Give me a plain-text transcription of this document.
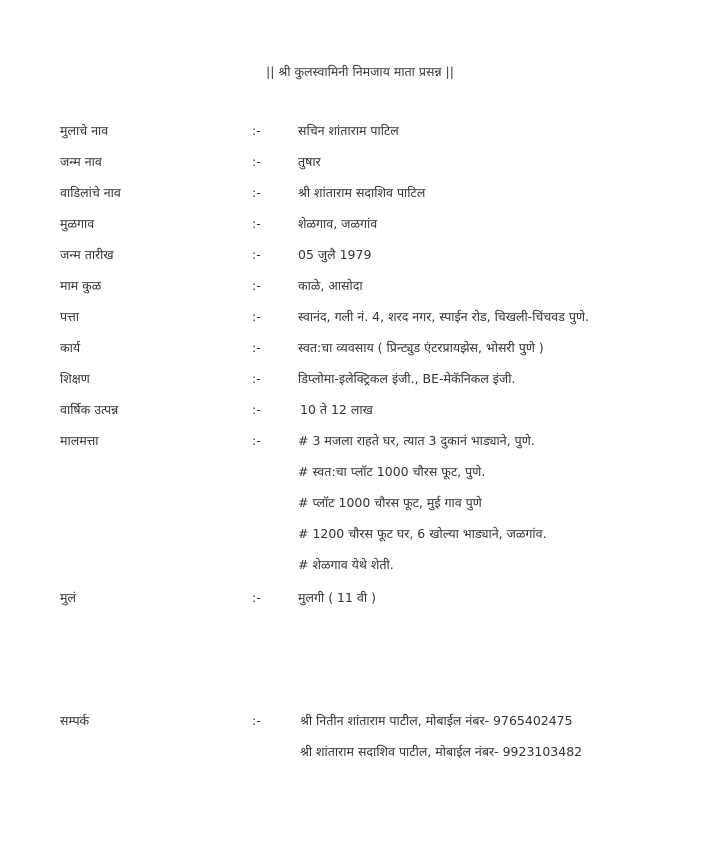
|| श्री कुलस्वामिनी निमजाय माता प्रसन्न ||
मुलाचे नाव	:-	सचिन शांताराम पाटिल
जन्म नाव	:-	तुषार
वाडिलांचे नाव	:-	श्री शांताराम सदाशिव पाटिल
मुळगाव	:-	शेळगाव, जळगांव
जन्म तारीख	:-	05 जुलै 1979
माम कुळ	:-	काळे, आसोदा
पत्ता	:-	स्वानंद, गली नं. 4, शरद नगर, स्पाईन रोड, चिखली-चिंचवड पुणे.
कार्य	:-	स्वत:चा व्यवसाय ( प्रिन्ट्युड एंटरप्रायझेस, भोसरी पुणे )
शिक्षण	:-	डिप्लोमा-इलेक्ट्रिकल इंजी., BE-मेकॅनिकल इंजी.
वार्षिक उत्पन्न	:-	10 ते 12 लाख
मालमत्ता	:-	# 3 मजला राहते घर, त्यात 3 दुकानं भाड्याने, पुणे.
# स्वत:चा प्लॉट 1000 चौरस फूट, पुणे.
# प्लॉट 1000 चौरस फूट, मुई गाव पुणे
# 1200 चौरस फूट घर, 6 खोल्या भाड्याने, जळगांव.
# शेळगाव येथे शेती.
मुलं	:-	मुलगी ( 11 वी )
सम्पर्क	:-	श्री नितीन शांताराम पाटील, मोबाईल नंबर- 9765402475
श्री शांताराम सदाशिव पाटील, मोबाईल नंबर- 9923103482
